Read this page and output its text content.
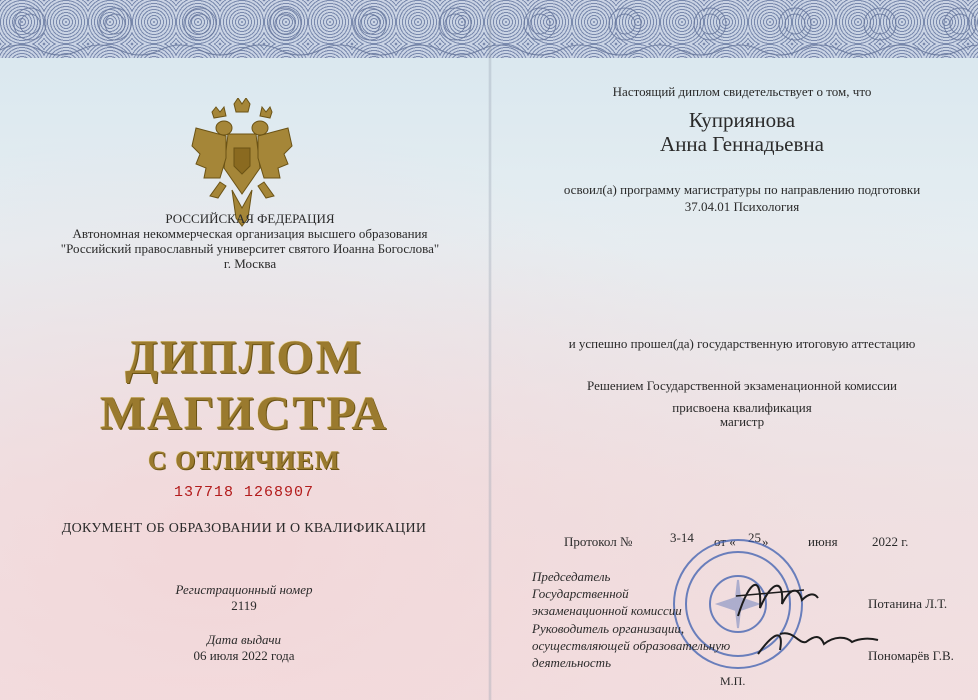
РОССИЙСКАЯ ФЕДЕРАЦИЯ
Автономная некоммерческая организация высшего образования
"Российский православный университет святого Иоанна Богослова"
г. Москва
ДИПЛОМ
МАГИСТРА
С ОТЛИЧИЕМ
137718 1268907
ДОКУМЕНТ ОБ ОБРАЗОВАНИИ И О КВАЛИФИКАЦИИ
Регистрационный номер
2119
Дата выдачи
06 июля 2022 года
Настоящий диплом свидетельствует о том, что
Куприянова
Анна Геннадьевна
освоил(а) программу магистратуры по направлению подготовки
37.04.01 Психология
и успешно прошел(да) государственную итоговую аттестацию
Решением Государственной экзаменационной комиссии
присвоена квалификация
магистр
Протокол №	3-14 от « 25 »	июня	2022 г.
Председатель
Государственной
экзаменационной комиссии	Потанина Л.Т.
Руководитель организации,
осуществляющей образовательную
деятельность	Пономарёв Г.В.
М.П.
